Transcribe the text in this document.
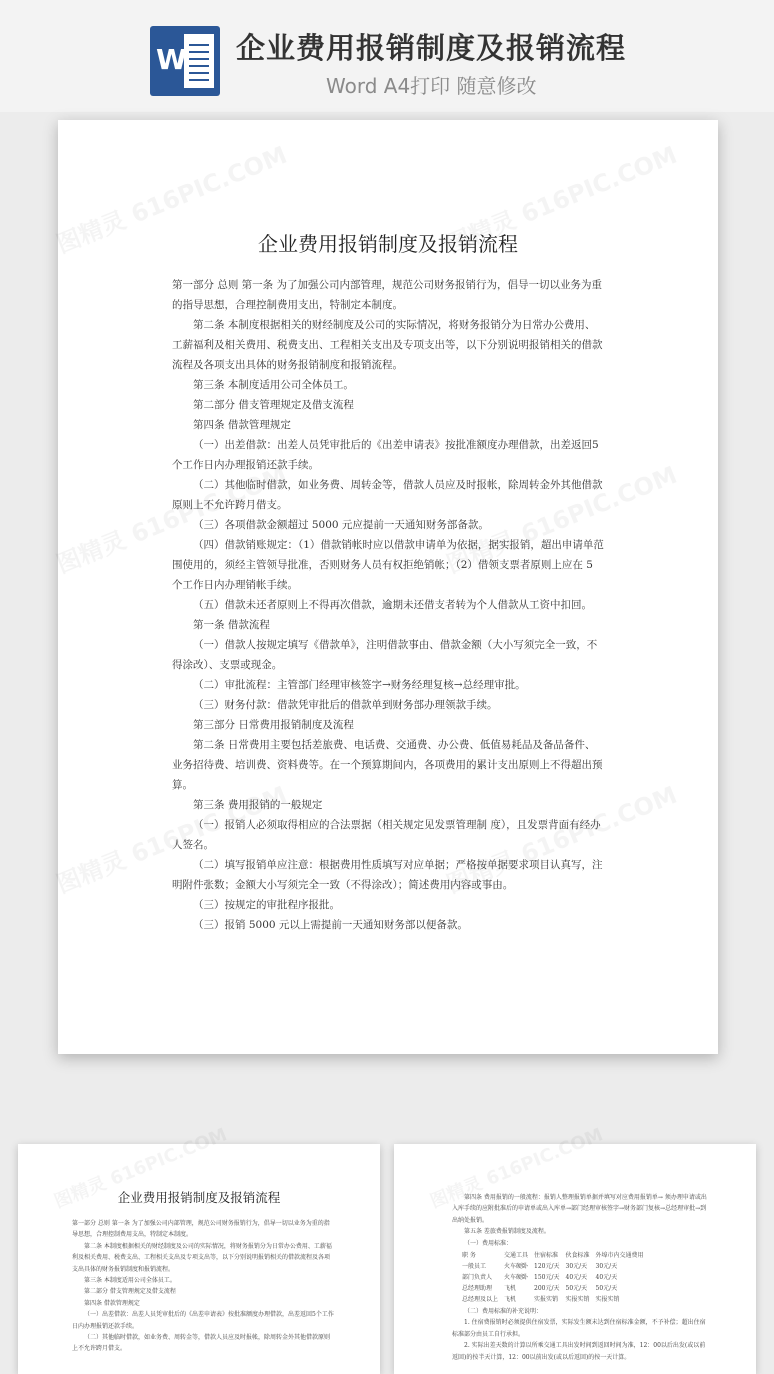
W 企业费用报销制度及报销流程
Word A4打印 随意修改
企业费用报销制度及报销流程

第一部分 总则 第一条 为了加强公司内部管理，规范公司财务报销行为，倡导一切以业务为重的指导思想，合理控制费用支出，特制定本制度。

第二条 本制度根据相关的财经制度及公司的实际情况，将财务报销分为日常办公费用、工薪福利及相关费用、税费支出、工程相关支出及专项支出等，以下分别说明报销相关的借款流程及各项支出具体的财务报销制度和报销流程。

第三条 本制度适用公司全体员工。

第二部分 借支管理规定及借支流程

第四条 借款管理规定

（一）出差借款：出差人员凭审批后的《出差申请表》按批准额度办理借款，出差返回5个工作日内办理报销还款手续。

（二）其他临时借款，如业务费、周转金等，借款人员应及时报帐，除周转金外其他借款原则上不允许跨月借支。

（三）各项借款金额超过 5000 元应提前一天通知财务部备款。

（四）借款销账规定：（1）借款销帐时应以借款申请单为依据，据实报销，超出申请单范围使用的，须经主管领导批准，否则财务人员有权拒绝销帐；（2）借领支票者原则上应在 5 个工作日内办理销帐手续。

（五）借款未还者原则上不得再次借款，逾期未还借支者转为个人借款从工资中扣回。

第一条 借款流程

（一）借款人按规定填写《借款单》，注明借款事由、借款金额（大小写须完全一致，不得涂改）、支票或现金。

（二）审批流程：主管部门经理审核签字→财务经理复核→总经理审批。

（三）财务付款：借款凭审批后的借款单到财务部办理领款手续。

第三部分 日常费用报销制度及流程

第二条 日常费用主要包括差旅费、电话费、交通费、办公费、低值易耗品及备品备件、业务招待费、培训费、资料费等。在一个预算期间内，各项费用的累计支出原则上不得超出预算。

第三条 费用报销的一般规定

（一）报销人必须取得相应的合法票据（相关规定见发票管理制 度），且发票背面有经办人签名。

（二）填写报销单应注意：根据费用性质填写对应单据；严格按单据要求项目认真写，注明附件张数；金额大小写须完全一致（不得涂改）；简述费用内容或事由。

（三）按规定的审批程序报批。

（三）报销 5000 元以上需提前一天通知财务部以便备款。

企业费用报销制度及报销流程

第一部分 总则 第一条 为了加强公司内部管理，规范公司财务报销行为，倡导一切以业务为重的指导思想，合理控制费用支出，特制定本制度。

第二条 本制度根据相关的财经制度及公司的实际情况，将财务报销分为日常办公费用、工薪福利及相关费用、税费支出、工程相关支出及专项支出等，以下分别说明报销相关的借款流程及各项支出具体的财务报销制度和报销流程。

第三条 本制度适用公司全体员工。

第二部分 借支管理规定及借支流程

第四条 借款管理规定

（一）出差借款：出差人员凭审批后的《出差申请表》按批准额度办理借款，出差返回5个工作日内办理报销还款手续。

（二）其他临时借款，如业务费、周转金等，借款人员应及时报帐，除周转金外其他借款原则上不允许跨月借支。

第四条 费用报销的一般流程：报销人整理报销单据并填写对应费用报销单→ 须办理申请或出入库手续的应附批准后的申请单或出入库单→部门经理审核签字→财务部门复核→总经理审批→到出纳处报销。

第五条 差旅费报销制度及流程。

（一）费用标准：

职 务	交通工具	住宿标准	伙食标准	外埠市内交通费用
一般员工	火车硬卧	120元/天	30元/天	30元/天
部门负责人	火车硬卧	150元/天	40元/天	40元/天
总经理助理	飞机	200元/天	50元/天	50元/天
总经理及以上	飞机	实报实销	实报实销	实报实销

（二）费用标准的补充说明：

1. 住宿费报销时必须提供住宿发票，实际发生额未达到住宿标准金额，不予补偿；超出住宿标准部分由员工自行承担。

2. 实际出差天数的计算以所乘交通工具出发时间到返回时间为准，12：00以后出发(或以前返回)的按半天计算，12：00以前出发(或以后返回)的按一天计算。
